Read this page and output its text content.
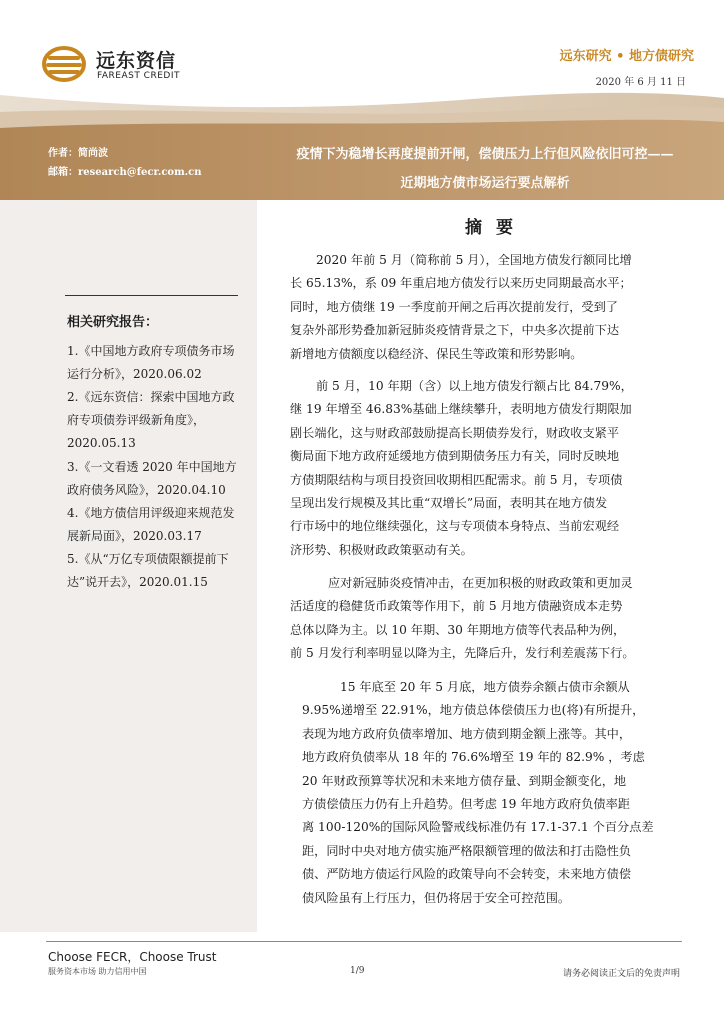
远东资信
FAREAST CREDIT
远东研究 • 地方债研究
2020 年 6 月 11 日
作者：简尚波
邮箱：research@fecr.com.cn
疫情下为稳增长再度提前开闸，偿债压力上行但风险依旧可控——
近期地方债市场运行要点解析
相关研究报告：
1.《中国地方政府专项债务市场
运行分析》，2020.06.02
2.《远东资信：探索中国地方政
府专项债券评级新角度》，
2020.05.13
3.《一文看透 2020 年中国地方
政府债务风险》，2020.04.10
4.《地方债信用评级迎来规范发
展新局面》，2020.03.17
5.《从“万亿专项债限额提前下
达”说开去》，2020.01.15
摘 要
2020 年前 5 月（简称前 5 月），全国地方债发行额同比增
长 65.13%，系 09 年重启地方债发行以来历史同期最高水平；
同时，地方债继 19 一季度前开闸之后再次提前发行，受到了
复杂外部形势叠加新冠肺炎疫情背景之下，中央多次提前下达
新增地方债额度以稳经济、保民生等政策和形势影响。
前 5 月，10 年期（含）以上地方债发行额占比 84.79%，
继 19 年增至 46.83%基础上继续攀升，表明地方债发行期限加
剧长端化，这与财政部鼓励提高长期债券发行，财政收支紧平
衡局面下地方政府延缓地方债到期债务压力有关，同时反映地
方债期限结构与项目投资回收期相匹配需求。前 5 月，专项债
呈现出发行规模及其比重“双增长”局面，表明其在地方债发
行市场中的地位继续强化，这与专项债本身特点、当前宏观经
济形势、积极财政政策驱动有关。
应对新冠肺炎疫情冲击，在更加积极的财政政策和更加灵
活适度的稳健货币政策等作用下，前 5 月地方债融资成本走势
总体以降为主。以 10 年期、30 年期地方债等代表品种为例，
前 5 月发行利率明显以降为主，先降后升，发行利差震荡下行。
15 年底至 20 年 5 月底，地方债券余额占债市余额从
9.95%递增至 22.91%，地方债总体偿债压力也(将)有所提升，
表现为地方政府负债率增加、地方债到期金额上涨等。其中，
地方政府负债率从 18 年的 76.6%增至 19 年的 82.9% ，考虑
20 年财政预算等状况和未来地方债存量、到期金额变化，地
方债偿债压力仍有上升趋势。但考虑 19 年地方政府负债率距
离 100-120%的国际风险警戒线标准仍有 17.1-37.1 个百分点差
距，同时中央对地方债实施严格限额管理的做法和打击隐性负
债、严防地方债运行风险的政策导向不会转变，未来地方债偿
债风险虽有上行压力，但仍将居于安全可控范围。
Choose FECR，Choose Trust
服务资本市场 助力信用中国	1/9	请务必阅读正文后的免责声明
